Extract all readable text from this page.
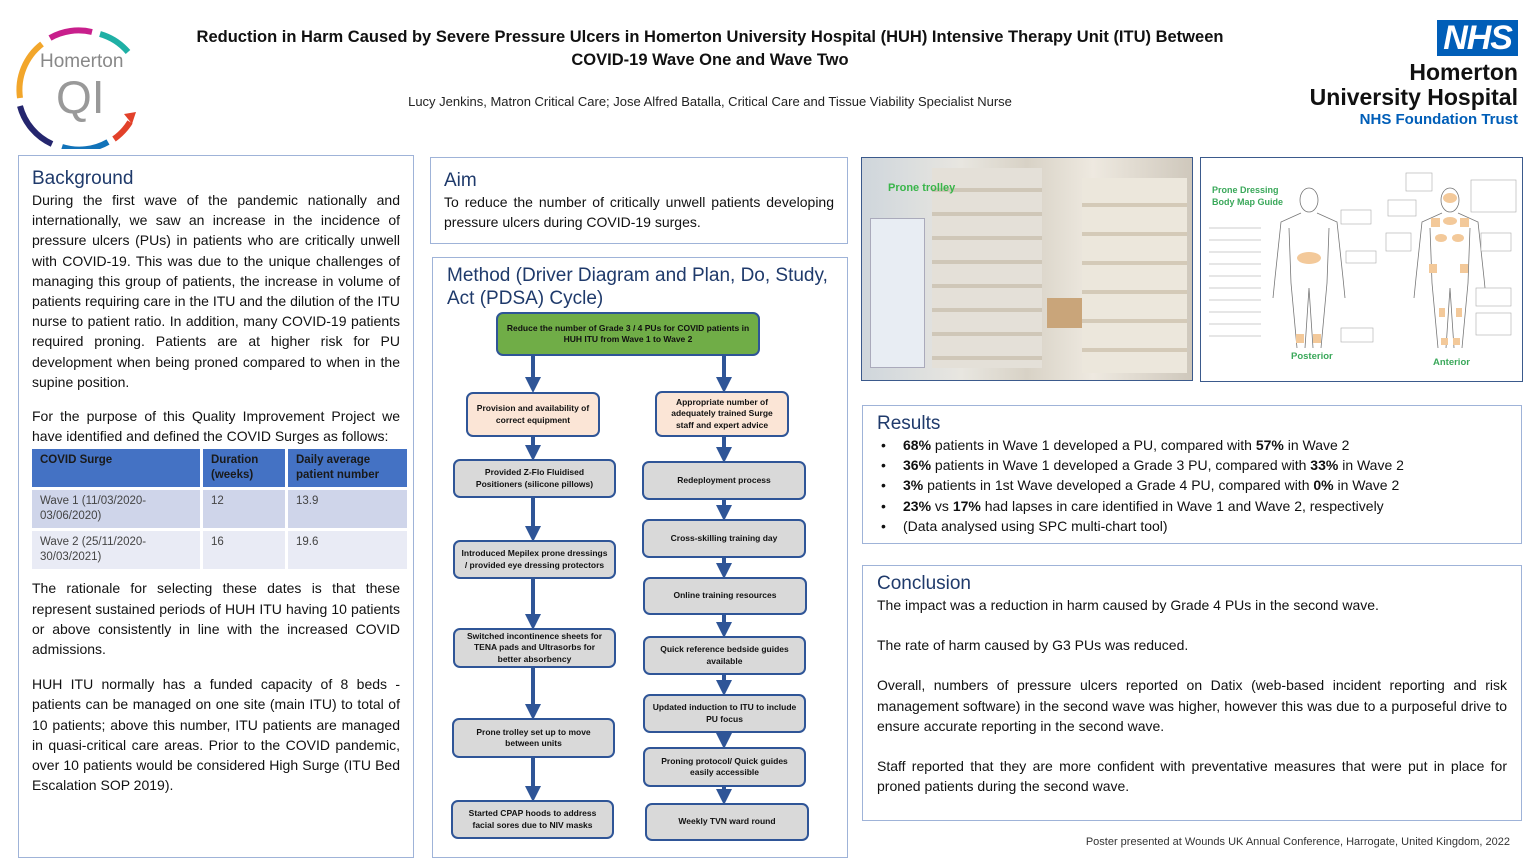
Homerton
QI
Reduction in Harm Caused by Severe Pressure Ulcers in Homerton University Hospital (HUH) Intensive Therapy Unit (ITU) Between
COVID-19 Wave One and Wave Two
Lucy Jenkins, Matron Critical Care; Jose Alfred Batalla, Critical Care and Tissue Viability Specialist Nurse
NHS
Homerton
University Hospital
NHS Foundation Trust
Background
During the first wave of the pandemic nationally and internationally, we saw an increase in the incidence of pressure ulcers (PUs) in patients who are critically unwell with COVID-19. This was due to the unique challenges of managing this group of patients, the increase in volume of patients requiring care in the ITU and the dilution of the ITU nurse to patient ratio. In addition, many COVID-19 patients required proning. Patients are at higher risk for PU development when being proned compared to when in the supine position.
For the purpose of this Quality Improvement Project we have identified and defined the COVID Surges as follows:
COVID Surge	Duration (weeks)	Daily average patient number
Wave 1 (11/03/2020-03/06/2020)	12	13.9
Wave 2 (25/11/2020-30/03/2021)	16	19.6
The rationale for selecting these dates is that these represent sustained periods of HUH ITU having 10 patients or above consistently in line with the increased COVID admissions.
HUH ITU normally has a funded capacity of 8 beds - patients can be managed on one site (main ITU) to total of 10 patients; above this number, ITU patients are managed in quasi-critical care areas. Prior to the COVID pandemic, over 10 patients would be considered High Surge (ITU Bed Escalation SOP 2019).
Aim
To reduce the number of critically unwell patients developing pressure ulcers during COVID-19 surges.
Method (Driver Diagram and Plan, Do, Study, Act (PDSA) Cycle)
Reduce the number of Grade 3 / 4 PUs for COVID patients in HUH ITU from Wave 1 to Wave 2
Provision and availability of correct equipment
Appropriate number of adequately trained Surge staff and expert advice
Provided Z-Flo Fluidised Positioners (silicone pillows)
Introduced Mepilex prone dressings / provided eye dressing protectors
Switched incontinence sheets for TENA pads and Ultrasorbs for better absorbency
Prone trolley set up to move between units
Started CPAP hoods to address facial sores due to NIV masks
Redeployment process
Cross-skilling training day
Online training resources
Quick reference bedside guides available
Updated induction to ITU to include PU focus
Proning protocol/ Quick guides easily accessible
Weekly TVN ward round
Prone trolley	Prone Dressing Body Map Guide
Posterior
Anterior
Results
• 68% patients in Wave 1 developed a PU, compared with 57% in Wave 2
• 36% patients in Wave 1 developed a Grade 3 PU, compared with 33% in Wave 2
• 3% patients in 1st Wave developed a Grade 4 PU, compared with 0% in Wave 2
• 23% vs 17% had lapses in care identified in Wave 1 and Wave 2, respectively
• (Data analysed using SPC multi-chart tool)
Conclusion
The impact was a reduction in harm caused by Grade 4 PUs in the second wave.
The rate of harm caused by G3 PUs was reduced.
Overall, numbers of pressure ulcers reported on Datix (web-based incident reporting and risk management software) in the second wave was higher, however this was due to a purposeful drive to ensure accurate reporting in the second wave.
Staff reported that they are more confident with preventative measures that were put in place for proned patients during the second wave.
Poster presented at Wounds UK Annual Conference, Harrogate, United Kingdom, 2022
